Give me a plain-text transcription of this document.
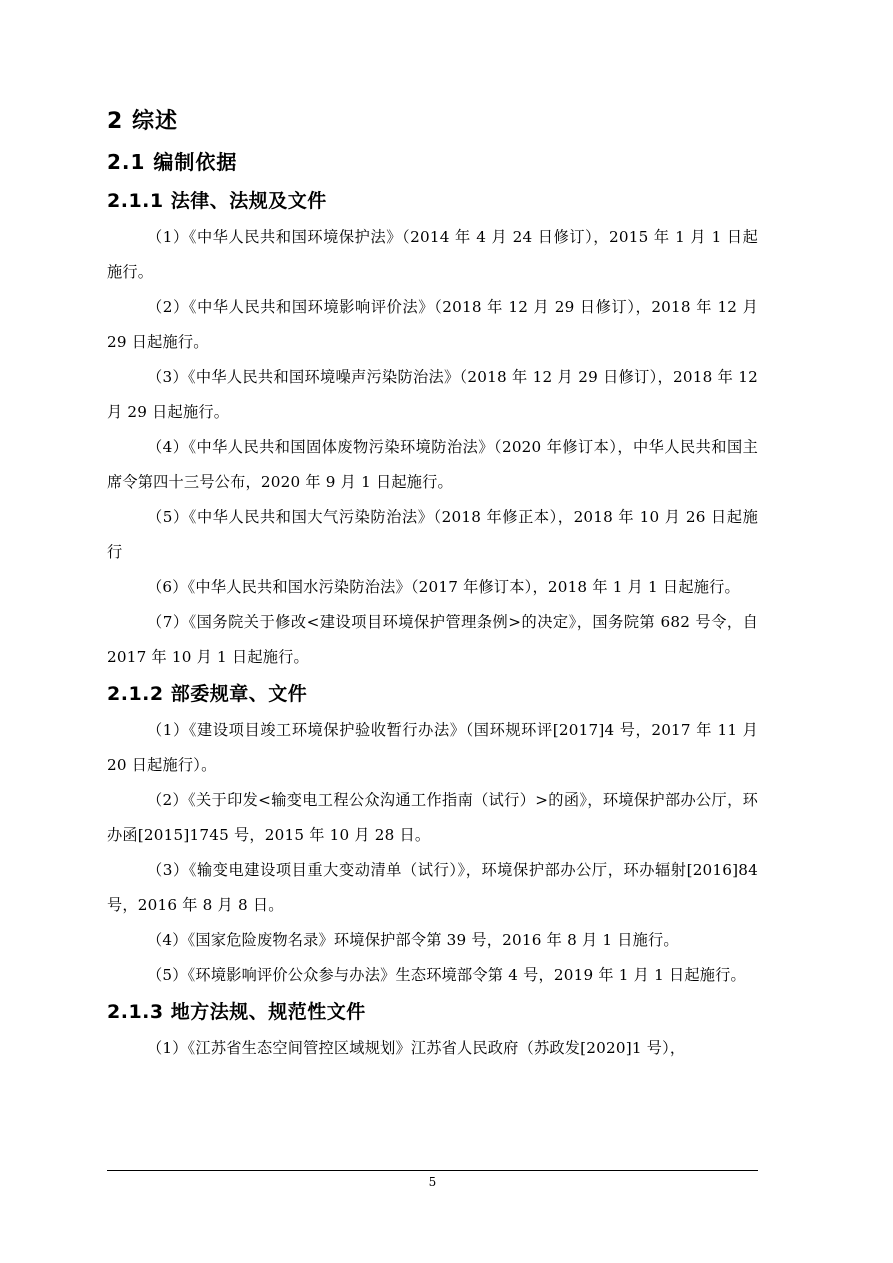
2 综述
2.1 编制依据
2.1.1 法律、法规及文件

（1）《中华人民共和国环境保护法》（2014 年 4 月 24 日修订），2015 年 1 月 1 日起施行。

（2）《中华人民共和国环境影响评价法》（2018 年 12 月 29 日修订），2018 年 12 月 29 日起施行。

（3）《中华人民共和国环境噪声污染防治法》（2018 年 12 月 29 日修订），2018 年 12 月 29 日起施行。

（4）《中华人民共和国固体废物污染环境防治法》（2020 年修订本），中华人民共和国主席令第四十三号公布，2020 年 9 月 1 日起施行。

（5）《中华人民共和国大气污染防治法》（2018 年修正本），2018 年 10 月 26 日起施行

（6）《中华人民共和国水污染防治法》（2017 年修订本），2018 年 1 月 1 日起施行。

（7）《国务院关于修改<建设项目环境保护管理条例>的决定》，国务院第 682 号令，自 2017 年 10 月 1 日起施行。

2.1.2 部委规章、文件

（1）《建设项目竣工环境保护验收暂行办法》（国环规环评[2017]4 号，2017 年 11 月 20 日起施行）。

（2）《关于印发<输变电工程公众沟通工作指南（试行）>的函》，环境保护部办公厅，环办函[2015]1745 号，2015 年 10 月 28 日。

（3）《输变电建设项目重大变动清单（试行）》，环境保护部办公厅，环办辐射[2016]84 号，2016 年 8 月 8 日。

（4）《国家危险废物名录》环境保护部令第 39 号，2016 年 8 月 1 日施行。

（5）《环境影响评价公众参与办法》生态环境部令第 4 号，2019 年 1 月 1 日起施行。

2.1.3 地方法规、规范性文件

（1）《江苏省生态空间管控区域规划》江苏省人民政府（苏政发[2020]1 号），

5
